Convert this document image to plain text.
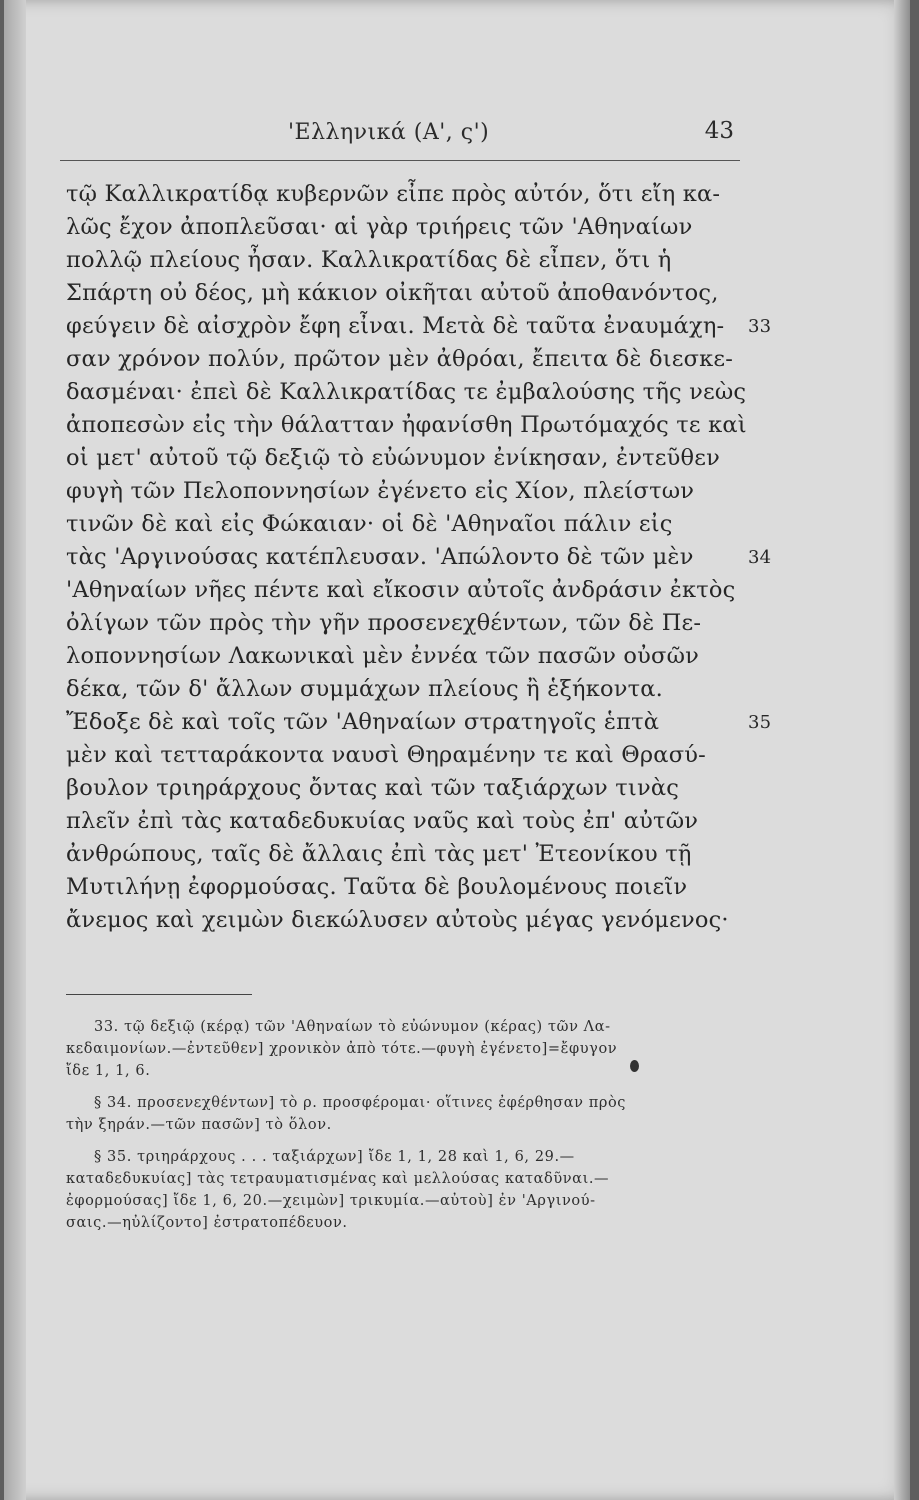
'Ελληνικά (A', ς')	43
τῷ Καλλικρατίδᾳ κυβερνῶν εἶπε πρὸς αὐτόν, ὅτι εἴη κα-
λῶς ἔχον ἀποπλεῦσαι· αἱ γὰρ τριήρεις τῶν 'Αθηναίων
πολλῷ πλείους ἦσαν. Καλλικρατίδας δὲ εἶπεν, ὅτι ἡ
Σπάρτη οὐ δέος, μὴ κάκιον οἰκῆται αὐτοῦ ἀποθανόντος,
φεύγειν δὲ αἰσχρὸν ἔφη εἶναι. Μετὰ δὲ ταῦτα ἐναυμάχη- 33
σαν χρόνον πολύν, πρῶτον μὲν ἀθρόαι, ἔπειτα δὲ διεσκε-
δασμέναι· ἐπεὶ δὲ Καλλικρατίδας τε ἐμβαλούσης τῆς νεὼς
ἀποπεσὼν εἰς τὴν θάλατταν ἠφανίσθη Πρωτόμαχός τε καὶ
οἱ μετ' αὐτοῦ τῷ δεξιῷ τὸ εὐώνυμον ἐνίκησαν, ἐντεῦθεν
φυγὴ τῶν Πελοποννησίων ἐγένετο εἰς Χίον, πλείστων
τινῶν δὲ καὶ εἰς Φώκαιαν· οἱ δὲ 'Αθηναῖοι πάλιν εἰς
τὰς 'Αργινούσας κατέπλευσαν. 'Απώλοντο δὲ τῶν μὲν	34
'Αθηναίων νῆες πέντε καὶ εἴκοσιν αὐτοῖς ἀνδράσιν ἐκτὸς
ὀλίγων τῶν πρὸς τὴν γῆν προσενεχθέντων, τῶν δὲ Πε-
λοποννησίων Λακωνικαὶ μὲν ἐννέα τῶν πασῶν οὐσῶν
δέκα, τῶν δ' ἄλλων συμμάχων πλείους ἢ ἑξήκοντα.
Ἔδοξε δὲ καὶ τοῖς τῶν 'Αθηναίων στρατηγοῖς ἑπτὰ	35
μὲν καὶ τετταράκοντα ναυσὶ Θηραμένην τε καὶ Θρασύ-
βουλον τριηράρχους ὄντας καὶ τῶν ταξιάρχων τινὰς
πλεῖν ἐπὶ τὰς καταδεδυκυίας ναῦς καὶ τοὺς ἐπ' αὐτῶν
ἀνθρώπους, ταῖς δὲ ἄλλαις ἐπὶ τὰς μετ' Ἐτεονίκου τῇ
Μυτιλήνῃ ἐφορμούσας. Ταῦτα δὲ βουλομένους ποιεῖν
ἄνεμος καὶ χειμὼν διεκώλυσεν αὐτοὺς μέγας γενόμενος·
33. τῷ δεξιῷ (κέρᾳ) τῶν 'Αθηναίων τὸ εὐώνυμον (κέρας) τῶν Λα-
κεδαιμονίων.—ἐντεῦθεν] χρονικὸν ἀπὸ τότε.—φυγὴ ἐγένετο]=ἔφυγον
ἴδε 1, 1, 6.
§ 34. προσενεχθέντων] τὸ ρ. προσφέρομαι· οἵτινες ἐφέρθησαν πρὸς
τὴν ξηράν.—τῶν πασῶν] τὸ ὅλον.
§ 35. τριηράρχους . . . ταξιάρχων] ἴδε 1, 1, 28 καὶ 1, 6, 29.—
καταδεδυκυίας] τὰς τετραυματισμένας καὶ μελλούσας καταδῦναι.—
ἐφορμούσας] ἴδε 1, 6, 20.—χειμὼν] τρικυμία.—αὐτοὺ] ἐν 'Αργινού-
σαις.—ηὐλίζοντο] ἐστρατοπέδευον.
